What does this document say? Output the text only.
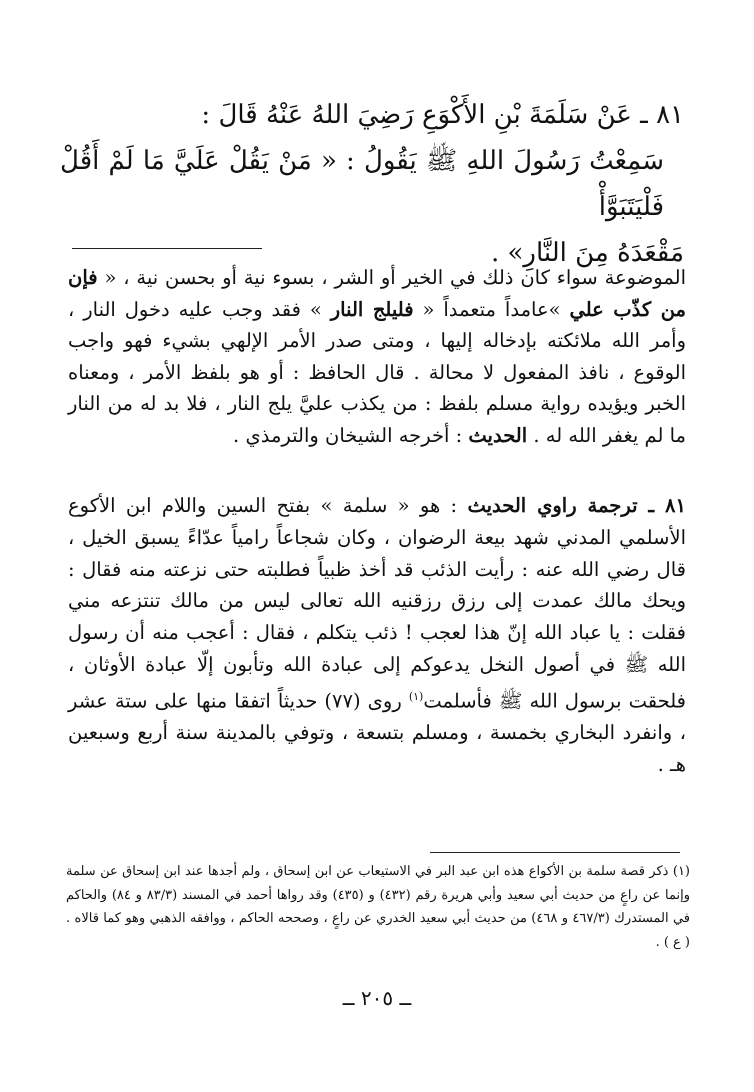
٨١ ـ عَنْ سَلَمَةَ بْنِ الأَكْوَعِ رَضِيَ اللهُ عَنْهُ قَالَ :

سَمِعْتُ رَسُولَ اللهِ ﷺ يَقُولُ : « مَنْ يَقُلْ عَلَيَّ مَا لَمْ أَقُلْ فَلْيَتَبَوَّأْ

مَقْعَدَهُ مِنَ النَّارِ» .

الموضوعة سواء كان ذلك في الخير أو الشر ، بسوء نية أو بحسن نية ، « فإن من كذّب علي »عامداً متعمداً « فليلج النار » فقد وجب عليه دخول النار ، وأمر الله ملائكته بإدخاله إليها ، ومتى صدر الأمر الإلهي بشيء فهو واجب الوقوع ، نافذ المفعول لا محالة . قال الحافظ : أو هو بلفظ الأمر ، ومعناه الخبر ويؤيده رواية مسلم بلفظ : من يكذب عليَّ يلج النار ، فلا بد له من النار ما لم يغفر الله له . الحديث : أخرجه الشيخان والترمذي .

٨١ ـ ترجمة راوي الحديث : هو « سلمة » بفتح السين واللام ابن الأكوع الأسلمي المدني شهد بيعة الرضوان ، وكان شجاعاً رامياً عدّاءً يسبق الخيل ، قال رضي الله عنه : رأيت الذئب قد أخذ ظبياً فطلبته حتى نزعته منه فقال : ويحك مالك عمدت إلى رزق رزقنيه الله تعالى ليس من مالك تنتزعه مني فقلت : يا عباد الله إنّ هذا لعجب ! ذئب يتكلم ، فقال : أعجب منه أن رسول الله ﷺ في أصول النخل يدعوكم إلى عبادة الله وتأبون إلّا عبادة الأوثان ، فلحقت برسول الله ﷺ فأسلمت$^{(١)}$ روى (٧٧) حديثاً اتفقا منها على ستة عشر ، وانفرد البخاري بخمسة ، ومسلم بتسعة ، وتوفي بالمدينة سنة أربع وسبعين هـ .

(١) ذكر قصة سلمة بن الأكواع هذه ابن عبد البر في الاستيعاب عن ابن إسحاق ، ولم أجدها عند ابن إسحاق عن سلمة وإنما عن راعٍ من حديث أبي سعيد وأبي هريرة رقم (٤٣٢) و (٤٣٥) وقد رواها أحمد في المسند (٨٣/٣ و ٨٤) والحاكم في المستدرك (٤٦٧/٣ و ٤٦٨) من حديث أبي سعيد الخدري عن راعٍ ، وصححه الحاكم ، ووافقه الذهبي وهو كما قالاه . ( ع ) .

ــ ٢٠٥ ــ
